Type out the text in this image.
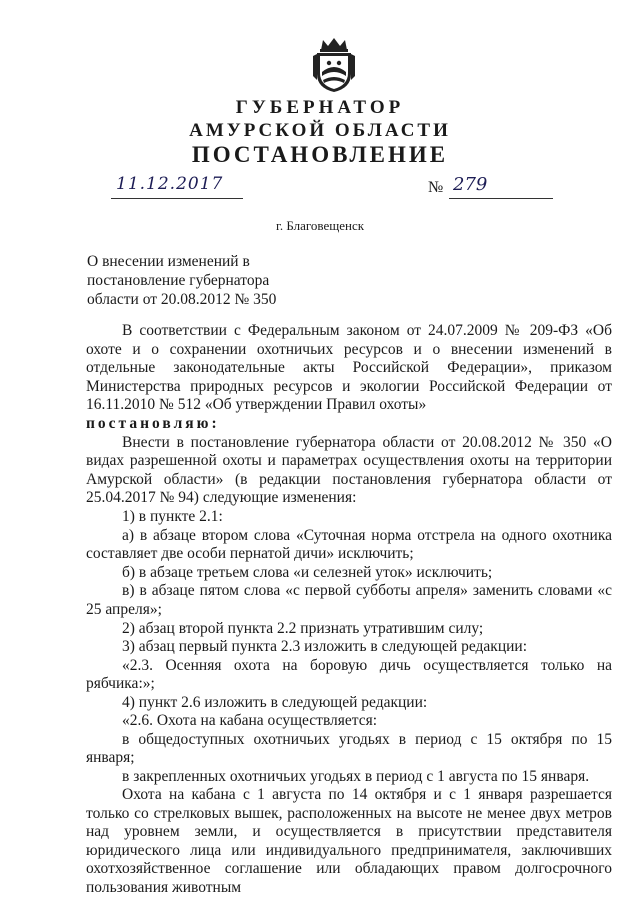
ГУБЕРНАТОР
АМУРСКОЙ ОБЛАСТИ
ПОСТАНОВЛЕНИЕ
11.12.2017	№ 279
г. Благовещенск
О внесении изменений в
постановление губернатора
области от 20.08.2012 № 350

В соответствии с Федеральным законом от 24.07.2009 № 209-ФЗ «Об охоте и о сохранении охотничьих ресурсов и о внесении изменений в отдельные законодательные акты Российской Федерации», приказом Министерства природных ресурсов и экологии Российской Федерации от 16.11.2010 № 512 «Об утверждении Правил охоты»

постановляю:

Внести в постановление губернатора области от 20.08.2012 № 350 «О видах разрешенной охоты и параметрах осуществления охоты на территории Амурской области» (в редакции постановления губернатора области от 25.04.2017 № 94) следующие изменения:

1) в пункте 2.1:

а) в абзаце втором слова «Суточная норма отстрела на одного охотника составляет две особи пернатой дичи» исключить;

б) в абзаце третьем слова «и селезней уток» исключить;

в) в абзаце пятом слова «с первой субботы апреля» заменить словами «с 25 апреля»;

2) абзац второй пункта 2.2 признать утратившим силу;

3) абзац первый пункта 2.3 изложить в следующей редакции:

«2.3. Осенняя охота на боровую дичь осуществляется только на рябчика:»;

4) пункт 2.6 изложить в следующей редакции:

«2.6. Охота на кабана осуществляется:

в общедоступных охотничьих угодьях в период с 15 октября по 15 января;

в закрепленных охотничьих угодьях в период с 1 августа по 15 января.

Охота на кабана с 1 августа по 14 октября и с 1 января разрешается только со стрелковых вышек, расположенных на высоте не менее двух метров над уровнем земли, и осуществляется в присутствии представителя юридического лица или индивидуального предпринимателя, заключивших охотхозяйственное соглашение или обладающих правом долгосрочного пользования животным
